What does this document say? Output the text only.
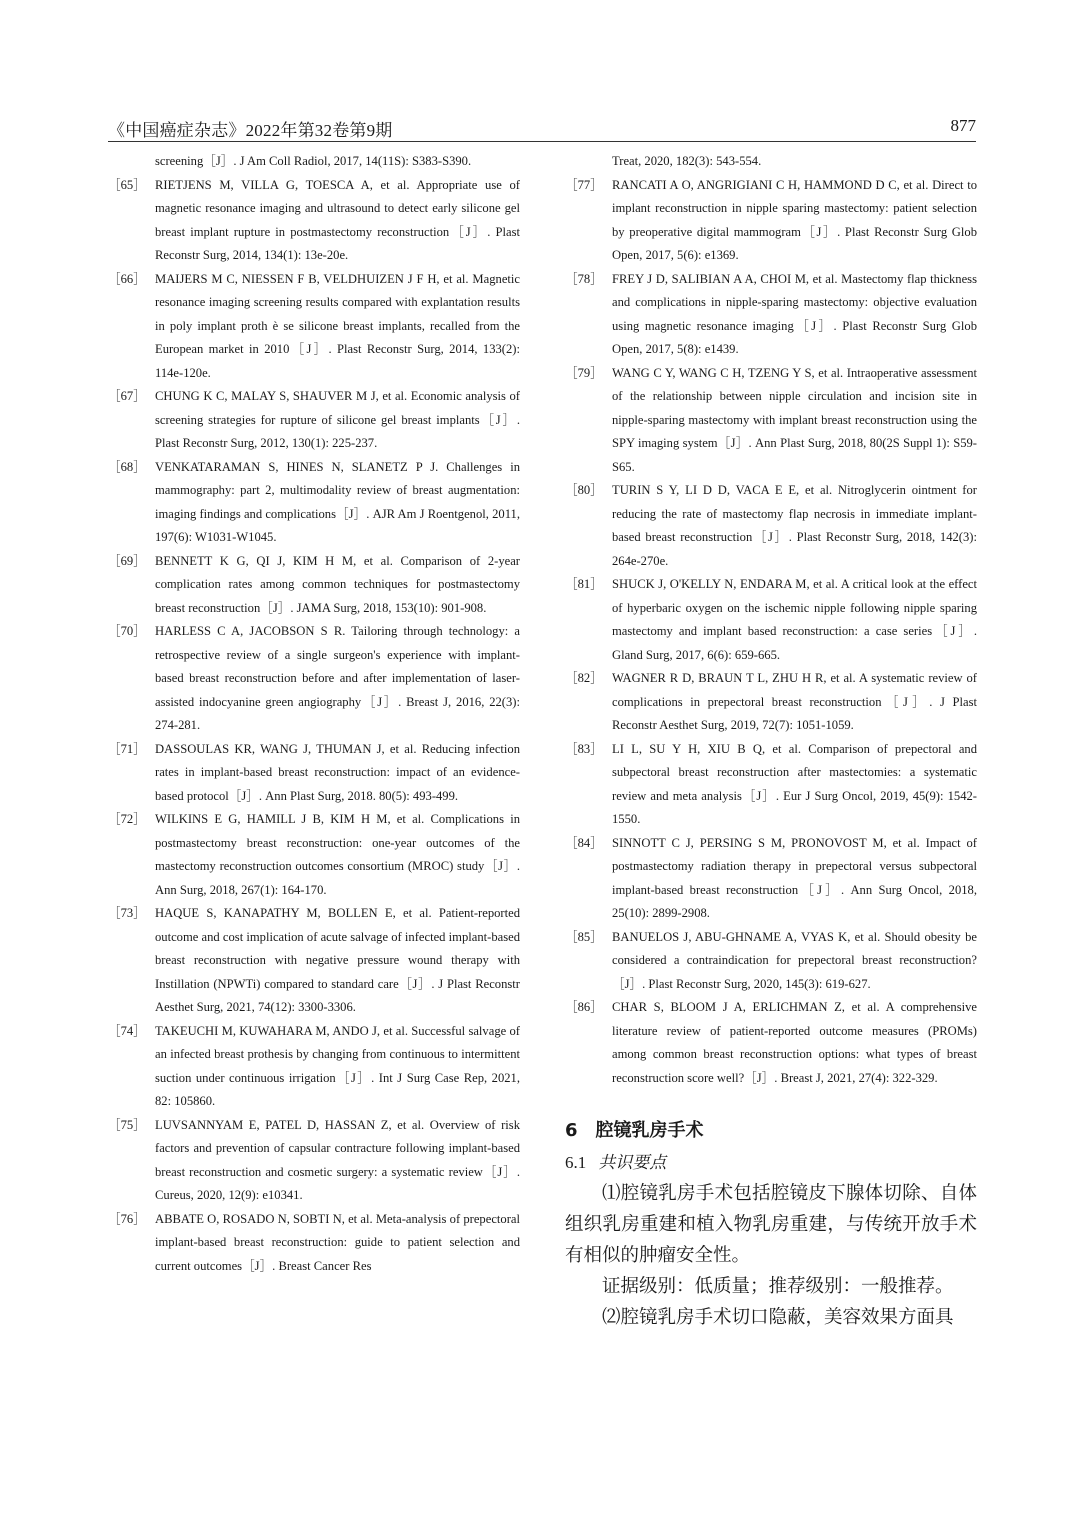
《中国癌症杂志》2022年第32卷第9期	877
screening［J］. J Am Coll Radiol, 2017, 14(11S): S383-S390.
［65］ RIETJENS M, VILLA G, TOESCA A, et al. Appropriate use of magnetic resonance imaging and ultrasound to detect early silicone gel breast implant rupture in postmastectomy reconstruction［J］. Plast Reconstr Surg, 2014, 134(1): 13e-20e.
［66］ MAIJERS M C, NIESSEN F B, VELDHUIZEN J F H, et al. Magnetic resonance imaging screening results compared with explantation results in poly implant proth è se silicone breast implants, recalled from the European market in 2010［J］. Plast Reconstr Surg, 2014, 133(2): 114e-120e.
［67］ CHUNG K C, MALAY S, SHAUVER M J, et al. Economic analysis of screening strategies for rupture of silicone gel breast implants［J］. Plast Reconstr Surg, 2012, 130(1): 225-237.
［68］ VENKATARAMAN S, HINES N, SLANETZ P J. Challenges in mammography: part 2, multimodality review of breast augmentation: imaging findings and complications［J］. AJR Am J Roentgenol, 2011, 197(6): W1031-W1045.
［69］ BENNETT K G, QI J, KIM H M, et al. Comparison of 2-year complication rates among common techniques for postmastectomy breast reconstruction［J］. JAMA Surg, 2018, 153(10): 901-908.
［70］ HARLESS C A, JACOBSON S R. Tailoring through technology: a retrospective review of a single surgeon's experience with implant-based breast reconstruction before and after implementation of laser-assisted indocyanine green angiography［J］. Breast J, 2016, 22(3): 274-281.
［71］ DASSOULAS KR, WANG J, THUMAN J, et al. Reducing infection rates in implant-based breast reconstruction: impact of an evidence-based protocol［J］. Ann Plast Surg, 2018. 80(5): 493-499.
［72］ WILKINS E G, HAMILL J B, KIM H M, et al. Complications in postmastectomy breast reconstruction: one-year outcomes of the mastectomy reconstruction outcomes consortium (MROC) study［J］. Ann Surg, 2018, 267(1): 164-170.
［73］ HAQUE S, KANAPATHY M, BOLLEN E, et al. Patient-reported outcome and cost implication of acute salvage of infected implant-based breast reconstruction with negative pressure wound therapy with Instillation (NPWTi) compared to standard care［J］. J Plast Reconstr Aesthet Surg, 2021, 74(12): 3300-3306.
［74］ TAKEUCHI M, KUWAHARA M, ANDO J, et al. Successful salvage of an infected breast prothesis by changing from continuous to intermittent suction under continuous irrigation［J］. Int J Surg Case Rep, 2021, 82: 105860.
［75］ LUVSANNYAM E, PATEL D, HASSAN Z, et al. Overview of risk factors and prevention of capsular contracture following implant-based breast reconstruction and cosmetic surgery: a systematic review［J］. Cureus, 2020, 12(9): e10341.
［76］ ABBATE O, ROSADO N, SOBTI N, et al. Meta-analysis of prepectoral implant-based breast reconstruction: guide to patient selection and current outcomes［J］. Breast Cancer Res
Treat, 2020, 182(3): 543-554.
［77］ RANCATI A O, ANGRIGIANI C H, HAMMOND D C, et al. Direct to implant reconstruction in nipple sparing mastectomy: patient selection by preoperative digital mammogram［J］. Plast Reconstr Surg Glob Open, 2017, 5(6): e1369.
［78］ FREY J D, SALIBIAN A A, CHOI M, et al. Mastectomy flap thickness and complications in nipple-sparing mastectomy: objective evaluation using magnetic resonance imaging［J］. Plast Reconstr Surg Glob Open, 2017, 5(8): e1439.
［79］ WANG C Y, WANG C H, TZENG Y S, et al. Intraoperative assessment of the relationship between nipple circulation and incision site in nipple-sparing mastectomy with implant breast reconstruction using the SPY imaging system［J］. Ann Plast Surg, 2018, 80(2S Suppl 1): S59-S65.
［80］ TURIN S Y, LI D D, VACA E E, et al. Nitroglycerin ointment for reducing the rate of mastectomy flap necrosis in immediate implant-based breast reconstruction［J］. Plast Reconstr Surg, 2018, 142(3): 264e-270e.
［81］ SHUCK J, O'KELLY N, ENDARA M, et al. A critical look at the effect of hyperbaric oxygen on the ischemic nipple following nipple sparing mastectomy and implant based reconstruction: a case series［J］. Gland Surg, 2017, 6(6): 659-665.
［82］ WAGNER R D, BRAUN T L, ZHU H R, et al. A systematic review of complications in prepectoral breast reconstruction［J］. J Plast Reconstr Aesthet Surg, 2019, 72(7): 1051-1059.
［83］ LI L, SU Y H, XIU B Q, et al. Comparison of prepectoral and subpectoral breast reconstruction after mastectomies: a systematic review and meta analysis［J］. Eur J Surg Oncol, 2019, 45(9): 1542-1550.
［84］ SINNOTT C J, PERSING S M, PRONOVOST M, et al. Impact of postmastectomy radiation therapy in prepectoral versus subpectoral implant-based breast reconstruction［J］. Ann Surg Oncol, 2018, 25(10): 2899-2908.
［85］ BANUELOS J, ABU-GHNAME A, VYAS K, et al. Should obesity be considered a contraindication for prepectoral breast reconstruction?［J］. Plast Reconstr Surg, 2020, 145(3): 619-627.
［86］ CHAR S, BLOOM J A, ERLICHMAN Z, et al. A comprehensive literature review of patient-reported outcome measures (PROMs) among common breast reconstruction options: what types of breast reconstruction score well?［J］. Breast J, 2021, 27(4): 322-329.
6　腔镜乳房手术
6.1 共识要点
⑴腔镜乳房手术包括腔镜皮下腺体切除、自体组织乳房重建和植入物乳房重建，与传统开放手术有相似的肿瘤安全性。
证据级别：低质量；推荐级别：一般推荐。
⑵腔镜乳房手术切口隐蔽，美容效果方面具
